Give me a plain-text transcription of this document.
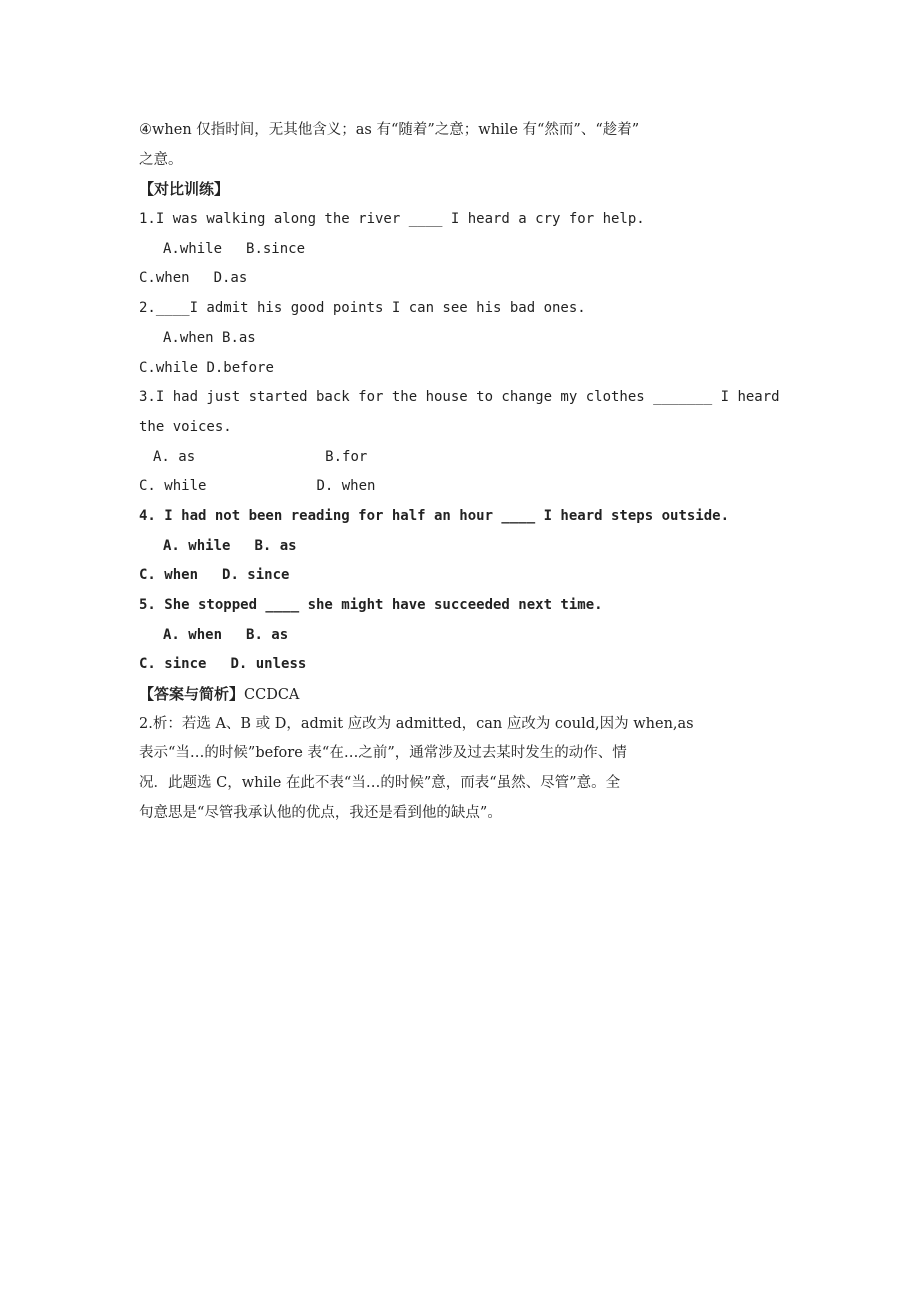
④when 仅指时间，无其他含义；as 有“随着”之意；while 有“然而”、“趁着”
之意。
【对比训练】
1.I was walking along the river ____ I heard a cry for help.
A.while B.since
C.when D.as
2.____I admit his good points I can see his bad ones.
A.when B.as
C.while D.before
3.I had just started back for the house to change my clothes _______ I heard
the voices.
A. as	B.for
C. while	D. when
4. I had not been reading for half an hour ____ I heard steps outside.
A. while B. as
C. when D. since
5. She stopped ____ she might have succeeded next time.
A. when B. as
C. since D. unless
【答案与简析】CCDCA
2.析：若选 A、B 或 D，admit 应改为 admitted，can 应改为 could,因为 when,as
表示“当…的时候”before 表“在…之前”，通常涉及过去某时发生的动作、情
况．此题选 C，while 在此不表“当…的时候”意，而表“虽然、尽管”意。全
句意思是“尽管我承认他的优点，我还是看到他的缺点”。
